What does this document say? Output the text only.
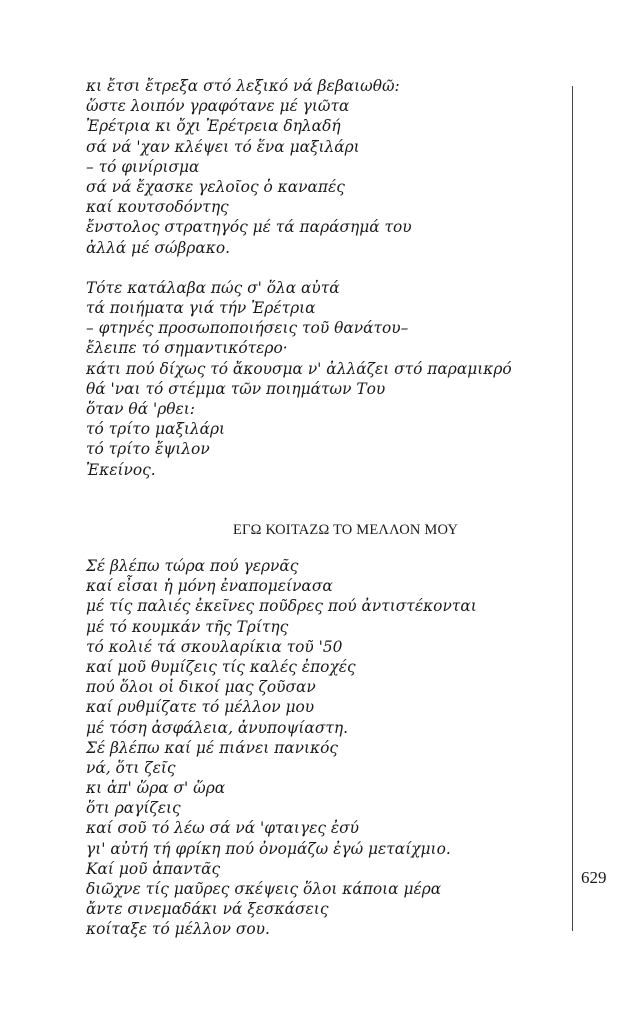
κι ἔτσι ἔτρεξα στό λεξικό νά βεβαιωθῶ:
ὥστε λοιπόν γραφότανε μέ γιῶτα
Ἐρέτρια κι ὄχι Ἐρέτρεια δηλαδή
σά νά 'χαν κλέψει τό ἕνα μαξιλάρι
– τό φινίρισμα
σά νά ἔχασκε γελοῖος ὁ καναπές
καί κουτσοδόντης
ἔνστολος στρατηγός μέ τά παράσημά του
ἀλλά μέ σώβρακο.
Τότε κατάλαβα πώς σ' ὅλα αὐτά
τά ποιήματα γιά τήν Ἐρέτρια
– φτηνές προσωποποιήσεις τοῦ θανάτου–
ἔλειπε τό σημαντικότερο·
κάτι πού δίχως τό ἄκουσμα ν' ἀλλάζει στό παραμικρό
θά 'ναι τό στέμμα τῶν ποιημάτων Του
ὅταν θά 'ρθει:
τό τρίτο μαξιλάρι
τό τρίτο ἔψιλον
Ἐκείνος.
ΕΓΩ ΚΟΙΤΑΖΩ ΤΟ ΜΕΛΛΟΝ ΜΟΥ
Σέ βλέπω τώρα πού γερνᾶς
καί εἶσαι ἡ μόνη ἐναπομείνασα
μέ τίς παλιές ἐκεῖνες ποῦδρες πού ἀντιστέκονται
μέ τό κουμκάν τῆς Τρίτης
τό κολιέ τά σκουλαρίκια τοῦ '50
καί μοῦ θυμίζεις τίς καλές ἐποχές
πού ὅλοι οἱ δικοί μας ζοῦσαν
καί ρυθμίζατε τό μέλλον μου
μέ τόση ἀσφάλεια, ἀνυποψίαστη.
Σέ βλέπω καί μέ πιάνει πανικός
νά, ὅτι ζεῖς
κι ἀπ' ὥρα σ' ὥρα
ὅτι ραγίζεις
καί σοῦ τό λέω σά νά 'φταιγες ἐσύ
γι' αὐτή τή φρίκη πού ὀνομάζω ἐγώ μεταίχμιο.
Καί μοῦ ἀπαντᾶς
διῶχνε τίς μαῦρες σκέψεις ὅλοι κάποια μέρα
ἄντε σινεμαδάκι νά ξεσκάσεις
κοίταξε τό μέλλον σου.
629
